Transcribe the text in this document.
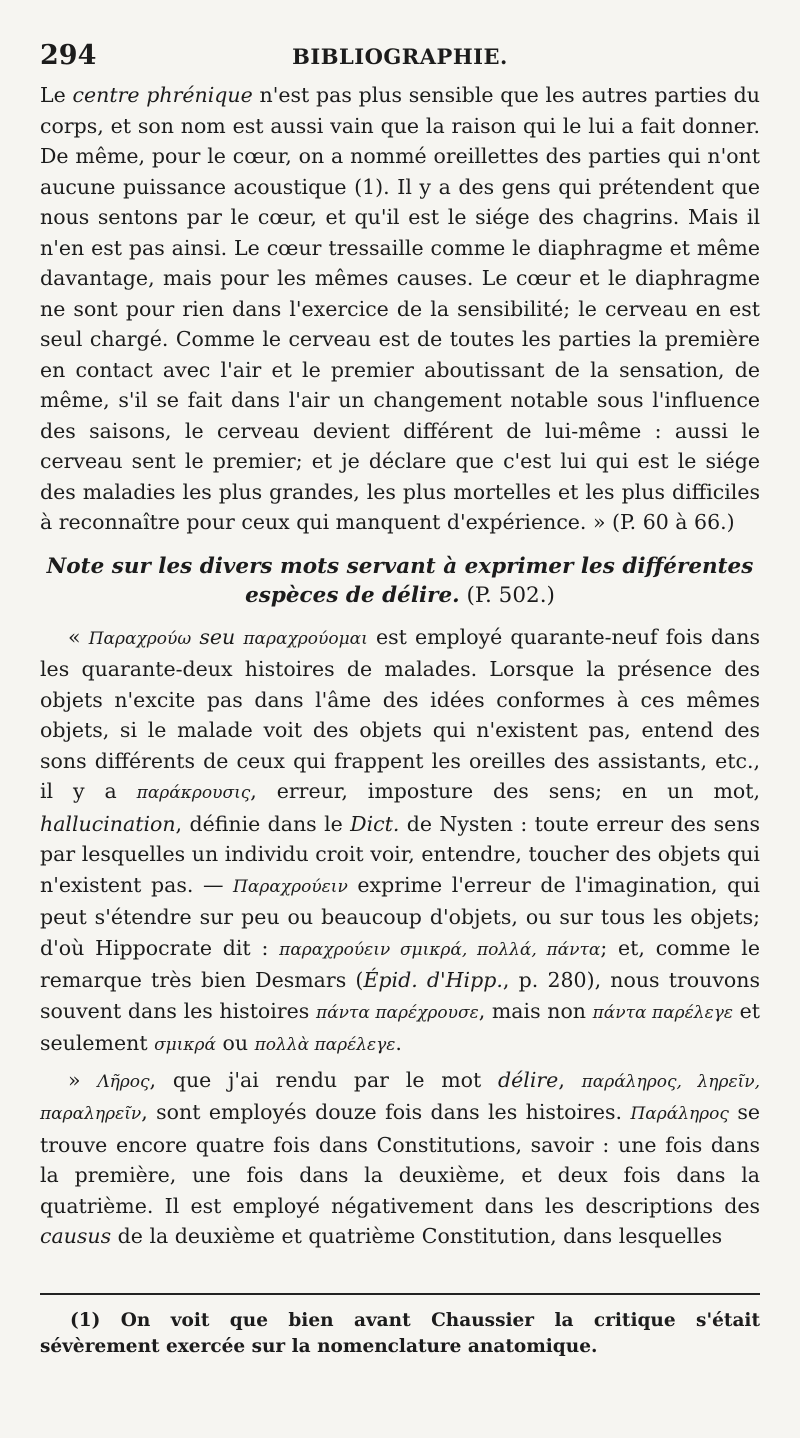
294	BIBLIOGRAPHIE.

Le centre phrénique n'est pas plus sensible que les autres parties du corps, et son nom est aussi vain que la raison qui le lui a fait donner. De même, pour le cœur, on a nommé oreillettes des parties qui n'ont aucune puissance acoustique (1). Il y a des gens qui prétendent que nous sentons par le cœur, et qu'il est le siége des chagrins. Mais il n'en est pas ainsi. Le cœur tressaille comme le diaphragme et même davantage, mais pour les mêmes causes. Le cœur et le diaphragme ne sont pour rien dans l'exercice de la sensibilité; le cerveau en est seul chargé. Comme le cerveau est de toutes les parties la première en contact avec l'air et le premier aboutissant de la sensation, de même, s'il se fait dans l'air un changement notable sous l'influence des saisons, le cerveau devient différent de lui-même : aussi le cerveau sent le premier; et je déclare que c'est lui qui est le siége des maladies les plus grandes, les plus mortelles et les plus difficiles à reconnaître pour ceux qui manquent d'expérience. » (P. 60 à 66.)

Note sur les divers mots servant à exprimer les différentes espèces de délire. (P. 502.)

« Παραχρούω seu παραχρούομαι est employé quarante-neuf fois dans les quarante-deux histoires de malades. Lorsque la présence des objets n'excite pas dans l'âme des idées conformes à ces mêmes objets, si le malade voit des objets qui n'existent pas, entend des sons différents de ceux qui frappent les oreilles des assistants, etc., il y a παράκρουσις, erreur, imposture des sens; en un mot, hallucination, définie dans le Dict. de Nysten : toute erreur des sens par lesquelles un individu croit voir, entendre, toucher des objets qui n'existent pas. — Παραχρούειν exprime l'erreur de l'imagination, qui peut s'étendre sur peu ou beaucoup d'objets, ou sur tous les objets; d'où Hippocrate dit : παραχρούειν σμικρά, πολλά, πάντα; et, comme le remarque très bien Desmars (Épid. d'Hipp., p. 280), nous trouvons souvent dans les histoires πάντα παρέχρουσε, mais non πάντα παρέλεγε et seulement σμικρά ou πολλὰ παρέλεγε.

» Λῆρος, que j'ai rendu par le mot délire, παράληρος, ληρεῖν, παραληρεῖν, sont employés douze fois dans les histoires. Παράληρος se trouve encore quatre fois dans Constitutions, savoir : une fois dans la première, une fois dans la deuxième, et deux fois dans la quatrième. Il est employé négativement dans les descriptions des causus de la deuxième et quatrième Constitution, dans lesquelles

(1) On voit que bien avant Chaussier la critique s'était sévèrement exercée sur la nomenclature anatomique.
